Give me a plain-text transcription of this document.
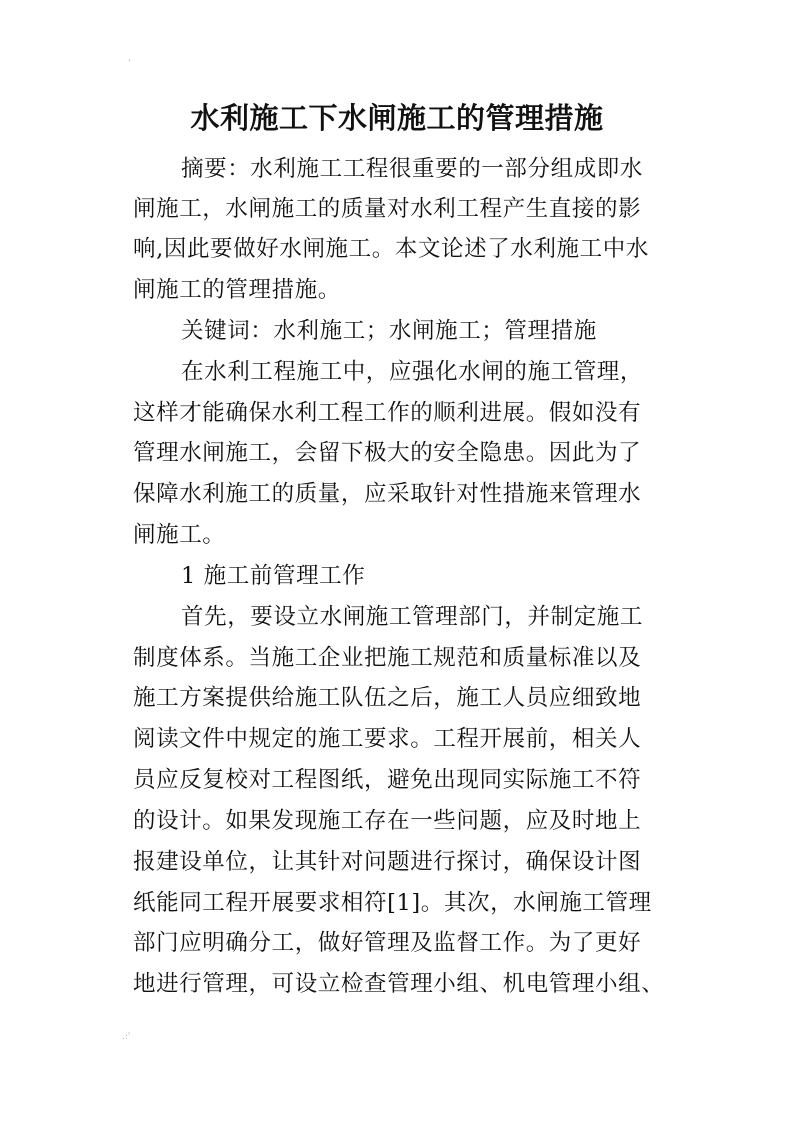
'
水利施工下水闸施工的管理措施
摘要：水利施工工程很重要的一部分组成即水
闸施工，水闸施工的质量对水利工程产生直接的影
响,因此要做好水闸施工。本文论述了水利施工中水
闸施工的管理措施。
关键词：水利施工；水闸施工；管理措施
在水利工程施工中，应强化水闸的施工管理，
这样才能确保水利工程工作的顺利进展。假如没有
管理水闸施工，会留下极大的安全隐患。因此为了
保障水利施工的质量，应采取针对性措施来管理水
闸施工。
1 施工前管理工作
首先，要设立水闸施工管理部门，并制定施工
制度体系。当施工企业把施工规范和质量标准以及
施工方案提供给施工队伍之后，施工人员应细致地
阅读文件中规定的施工要求。工程开展前，相关人
员应反复校对工程图纸，避免出现同实际施工不符
的设计。如果发现施工存在一些问题，应及时地上
报建设单位，让其针对问题进行探讨，确保设计图
纸能同工程开展要求相符[1]。其次，水闸施工管理
部门应明确分工，做好管理及监督工作。为了更好
地进行管理，可设立检查管理小组、机电管理小组、
.:'
